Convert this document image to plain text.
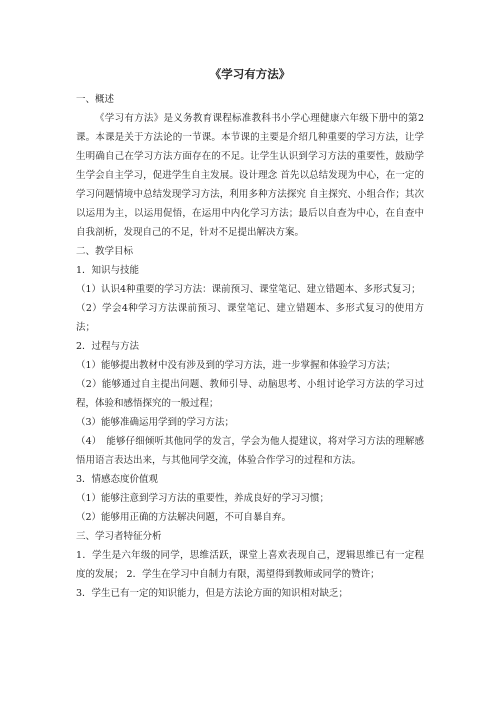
《学习有方法》

一、概述

《学习有方法》是义务教育课程标准教科书小学心理健康六年级下册中的第2课。本课是关于方法论的一节课。本节课的主要是介绍几种重要的学习方法，让学生明确自己在学习方法方面存在的不足。让学生认识到学习方法的重要性，鼓励学生学会自主学习，促进学生自主发展。设计理念 首先以总结发现为中心，在一定的学习问题情境中总结发现学习方法，利用多种方法探究 自主探究、小组合作；其次以运用为主，以运用促悟，在运用中内化学习方法；最后以自查为中心，在自查中自我剖析，发现自己的不足，针对不足提出解决方案。

二、教学目标

1．知识与技能

（1）认识4种重要的学习方法：课前预习、课堂笔记、建立错题本、多形式复习；

（2）学会4种学习方法课前预习、课堂笔记、建立错题本、多形式复习的使用方法；

2．过程与方法

（1）能够提出教材中没有涉及到的学习方法，进一步掌握和体验学习方法；

（2）能够通过自主提出问题、教师引导、动脑思考、小组讨论学习方法的学习过程，体验和感悟探究的一般过程；

（3）能够准确运用学到的学习方法；

（4）　能够仔细倾听其他同学的发言，学会为他人提建议，将对学习方法的理解感悟用语言表达出来，与其他同学交流，体验合作学习的过程和方法。

3．情感态度价值观

（1）能够注意到学习方法的重要性，养成良好的学习习惯；

（2）能够用正确的方法解决问题，不可自暴自弃。

三、学习者特征分析

1．学生是六年级的同学，思维活跃，课堂上喜欢表现自己，逻辑思维已有一定程度的发展； 2．学生在学习中自制力有限，渴望得到教师或同学的赞许；

3．学生已有一定的知识能力，但是方法论方面的知识相对缺乏；
